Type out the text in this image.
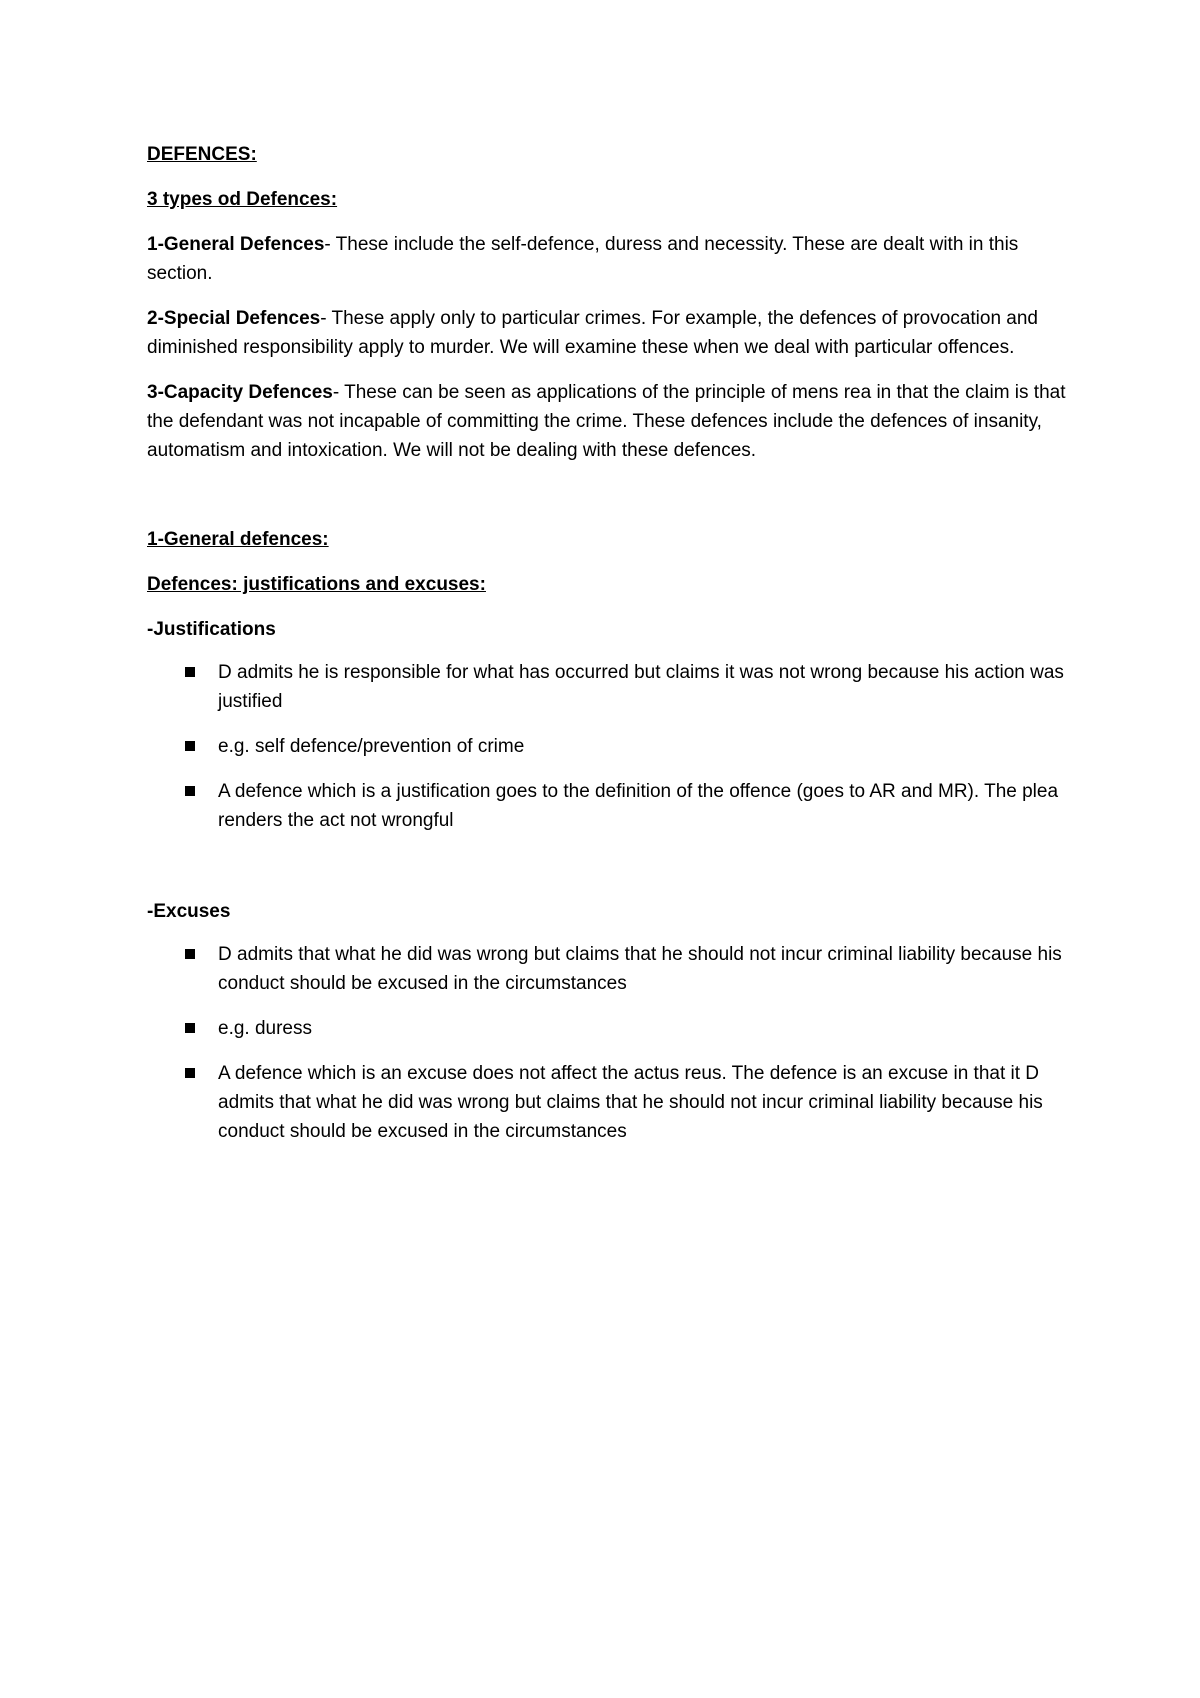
DEFENCES:
3 types od Defences:
1-General Defences- These include the self-defence, duress and necessity. These are dealt with in this section.
2-Special Defences- These apply only to particular crimes. For example, the defences of provocation and diminished responsibility apply to murder. We will examine these when we deal with particular offences.
3-Capacity Defences- These can be seen as applications of the principle of mens rea in that the claim is that the defendant was not incapable of committing the crime. These defences include the defences of insanity, automatism and intoxication. We will not be dealing with these defences.
1-General defences:
Defences: justifications and excuses:
-Justifications
D admits he is responsible for what has occurred but claims it was not wrong because his action was justified
e.g. self defence/prevention of crime
A defence which is a justification goes to the definition of the offence (goes to AR and MR). The plea renders the act not wrongful
-Excuses
D admits that what he did was wrong but claims that he should not incur criminal liability because his conduct should be excused in the circumstances
e.g. duress
A defence which is an excuse does not affect the actus reus. The defence is an excuse in that it D admits that what he did was wrong but claims that he should not incur criminal liability because his conduct should be excused in the circumstances
